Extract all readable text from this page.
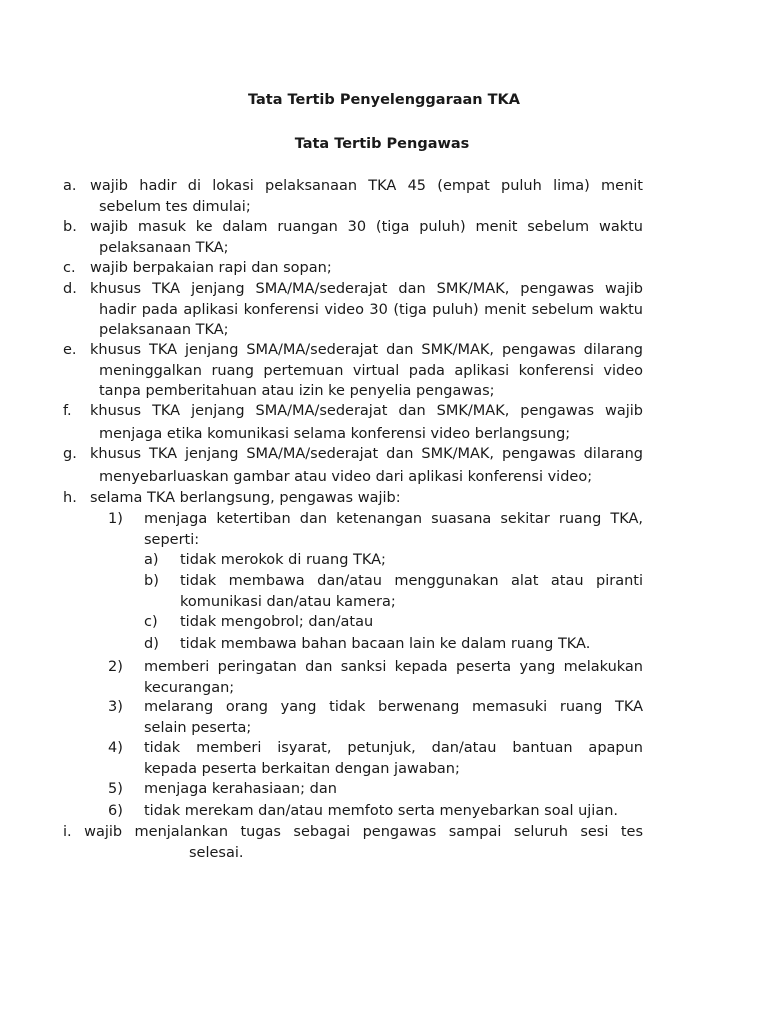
Tata Tertib Penyelenggaraan TKA
Tata Tertib Pengawas
a. wajib hadir di lokasi pelaksanaan TKA 45 (empat puluh lima) menit
sebelum tes dimulai;
b. wajib masuk ke dalam ruangan 30 (tiga puluh) menit sebelum waktu
pelaksanaan TKA;
c. wajib berpakaian rapi dan sopan;
d. khusus TKA jenjang SMA/MA/sederajat dan SMK/MAK, pengawas wajib
hadir pada aplikasi konferensi video 30 (tiga puluh) menit sebelum waktu pelaksanaan TKA;
e. khusus TKA jenjang SMA/MA/sederajat dan SMK/MAK, pengawas dilarang
meninggalkan ruang pertemuan virtual pada aplikasi konferensi video tanpa pemberitahuan atau izin ke penyelia pengawas;
f. khusus TKA jenjang SMA/MA/sederajat dan SMK/MAK, pengawas wajib
menjaga etika komunikasi selama konferensi video berlangsung;
g. khusus TKA jenjang SMA/MA/sederajat dan SMK/MAK, pengawas dilarang
menyebarluaskan gambar atau video dari aplikasi konferensi video;
h. selama TKA berlangsung, pengawas wajib:
1) menjaga ketertiban dan ketenangan suasana sekitar ruang TKA,
seperti:
a) tidak merokok di ruang TKA;
b) tidak membawa dan/atau menggunakan alat atau piranti
komunikasi dan/atau kamera;
c) tidak mengobrol; dan/atau
d) tidak membawa bahan bacaan lain ke dalam ruang TKA.
2) memberi peringatan dan sanksi kepada peserta yang melakukan
kecurangan;
3) melarang orang yang tidak berwenang memasuki ruang TKA
selain peserta;
4) tidak memberi isyarat, petunjuk, dan/atau bantuan apapun
kepada peserta berkaitan dengan jawaban;
5) menjaga kerahasiaan; dan
6) tidak merekam dan/atau memfoto serta menyebarkan soal ujian.
i. wajib menjalankan tugas sebagai pengawas sampai seluruh sesi tes
selesai.
